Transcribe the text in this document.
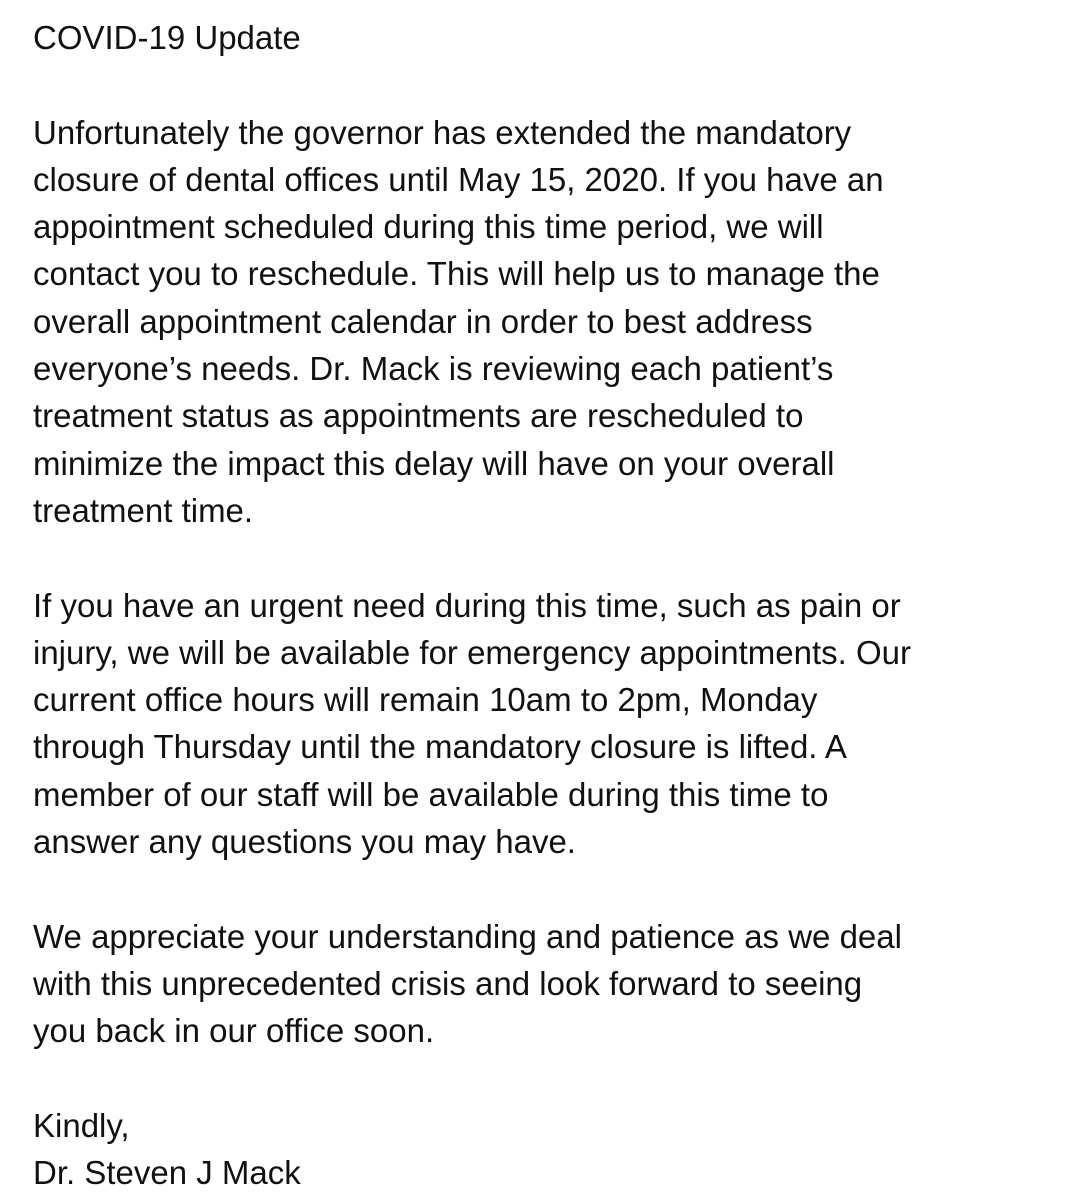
COVID-19 Update
Unfortunately the governor has extended the mandatory
closure of dental offices until May 15, 2020. If you have an
appointment scheduled during this time period, we will
contact you to reschedule. This will help us to manage the
overall appointment calendar in order to best address
everyone’s needs. Dr. Mack is reviewing each patient’s
treatment status as appointments are rescheduled to
minimize the impact this delay will have on your overall
treatment time.
If you have an urgent need during this time, such as pain or
injury, we will be available for emergency appointments. Our
current office hours will remain 10am to 2pm, Monday
through Thursday until the mandatory closure is lifted. A
member of our staff will be available during this time to
answer any questions you may have.
We appreciate your understanding and patience as we deal
with this unprecedented crisis and look forward to seeing
you back in our office soon.
Kindly,
Dr. Steven J Mack
